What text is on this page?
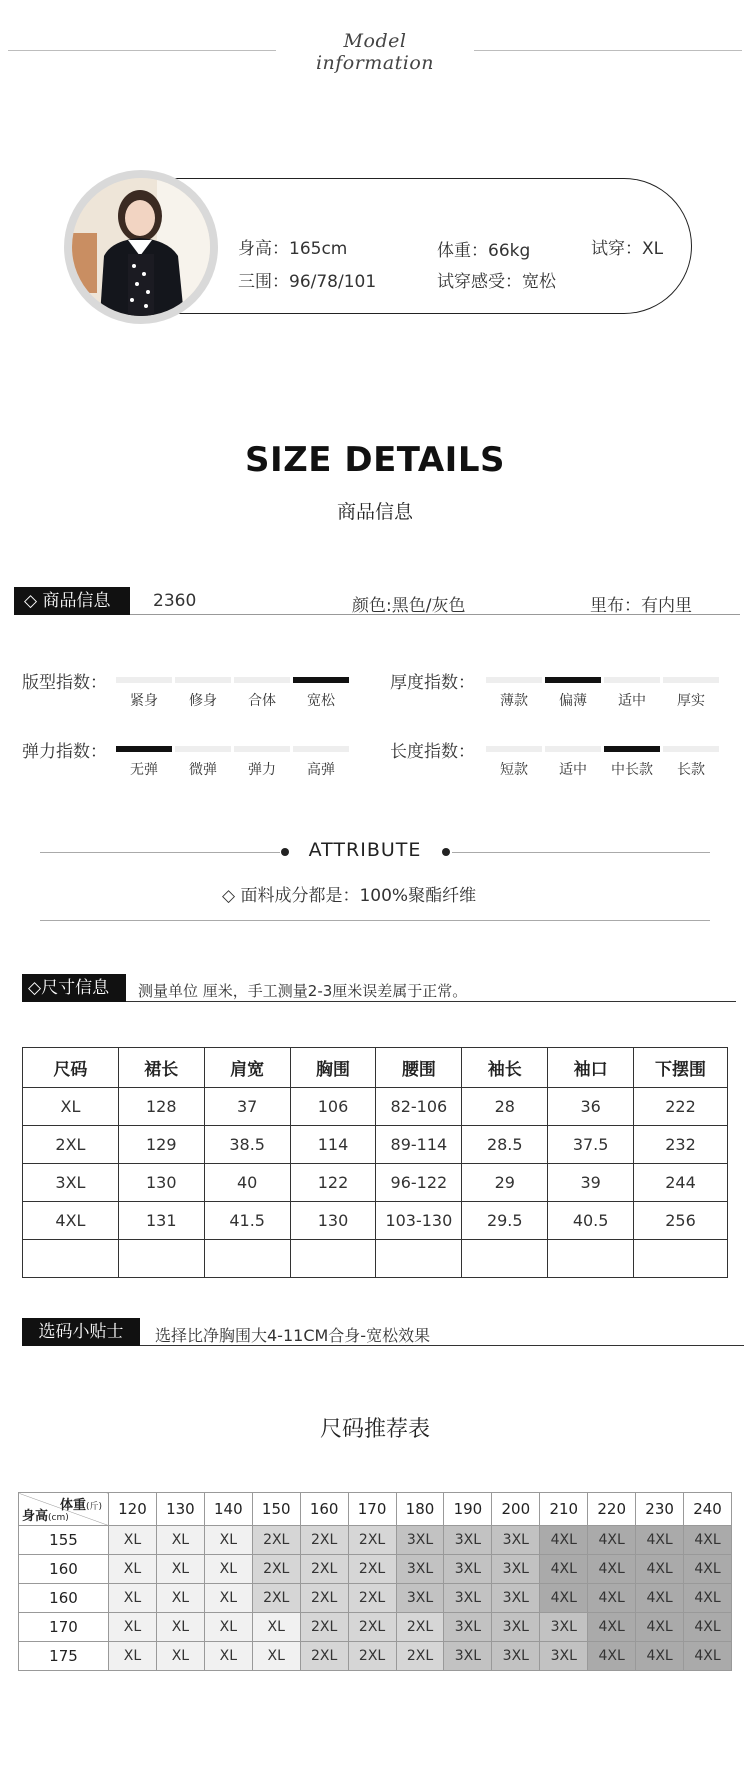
Model information
身高：165cm	体重：66kg	试穿：XL
三围：96/78/101	试穿感受：宽松
SIZE DETAILS
商品信息
◇ 商品信息	2360	颜色:黑色/灰色	里布：有内里
版型指数：
紧身	修身	合体	宽松
厚度指数：
薄款	偏薄	适中	厚实
弹力指数：
无弹	微弹	弹力	高弹
长度指数：
短款	适中	中长款	长款
ATTRIBUTE
◇ 面料成分都是：100%聚酯纤维
◇尺寸信息	测量单位 厘米，手工测量2-3厘米误差属于正常。
尺码	裙长	肩宽	胸围	腰围	袖长	袖口	下摆围
XL	128	37	106	82-106	28	36	222
2XL	129	38.5	114	89-114	28.5	37.5	232
3XL	130	40	122	96-122	29	39	244
4XL	131	41.5	130	103-130	29.5	40.5	256

选码小贴士	选择比净胸围大4-11CM合身-宽松效果
尺码推荐表
体重(斤)
身高(cm)	120	130	140	150	160	170	180	190	200	210	220	230	240
155	XL	XL	XL	2XL	2XL	2XL	3XL	3XL	3XL	4XL	4XL	4XL	4XL
160	XL	XL	XL	2XL	2XL	2XL	3XL	3XL	3XL	4XL	4XL	4XL	4XL
160	XL	XL	XL	2XL	2XL	2XL	3XL	3XL	3XL	4XL	4XL	4XL	4XL
170	XL	XL	XL	XL	2XL	2XL	2XL	3XL	3XL	3XL	4XL	4XL	4XL
175	XL	XL	XL	XL	2XL	2XL	2XL	3XL	3XL	3XL	4XL	4XL	4XL
